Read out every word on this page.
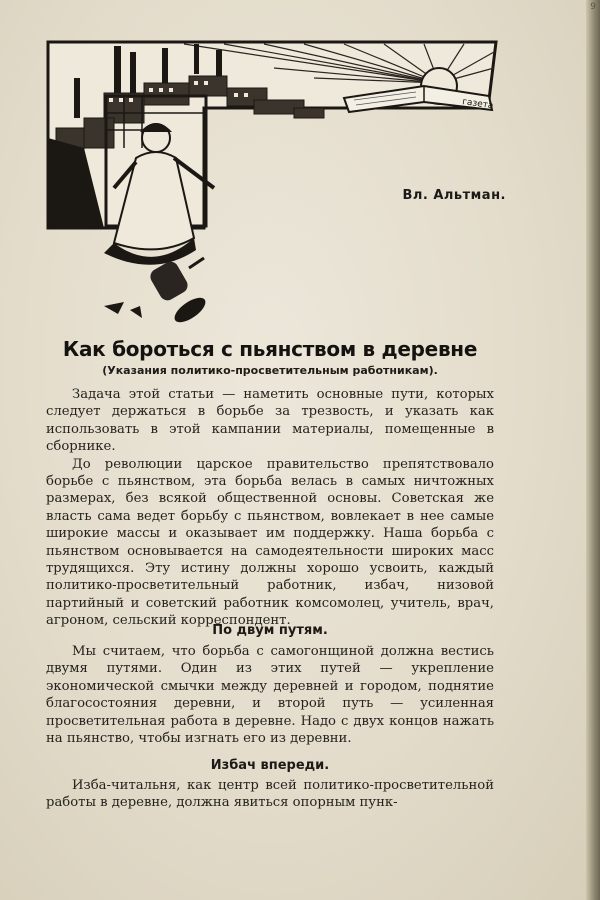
9
газета
Вл. Альтман.
Как бороться с пьянством в деревне
(Указания политико-просветительным работникам).

Задача этой статьи — наметить основные пути, которых следует держаться в борьбе за трезвость, и указать как использовать в этой кампании материалы, помещенные в сборнике.

До революции царское правительство препятствовало борьбе с пьянством, эта борьба велась в самых ничтожных размерах, без всякой общественной основы. Советская же власть сама ведет борьбу с пьянством, вовлекает в нее самые широкие массы и оказывает им поддержку. Наша борьба с пьянством основывается на самодеятельности широких масс трудящихся. Эту истину должны хорошо усвоить, каждый политико-просветительный работник, избач, низовой партийный и советский работник комсомолец, учитель, врач, агроном, сельский корреспондент.

По двум путям.

Мы считаем, что борьба с самогонщиной должна вестись двумя путями. Один из этих путей — укрепление экономической смычки между деревней и городом, поднятие благосостояния деревни, и второй путь — усиленная просветительная работа в деревне. Надо с двух концов нажать на пьянство, чтобы изгнать его из деревни.

Избач впереди.

Изба-читальня, как центр всей политико-просветительной работы в деревне, должна явиться опорным пунк-
